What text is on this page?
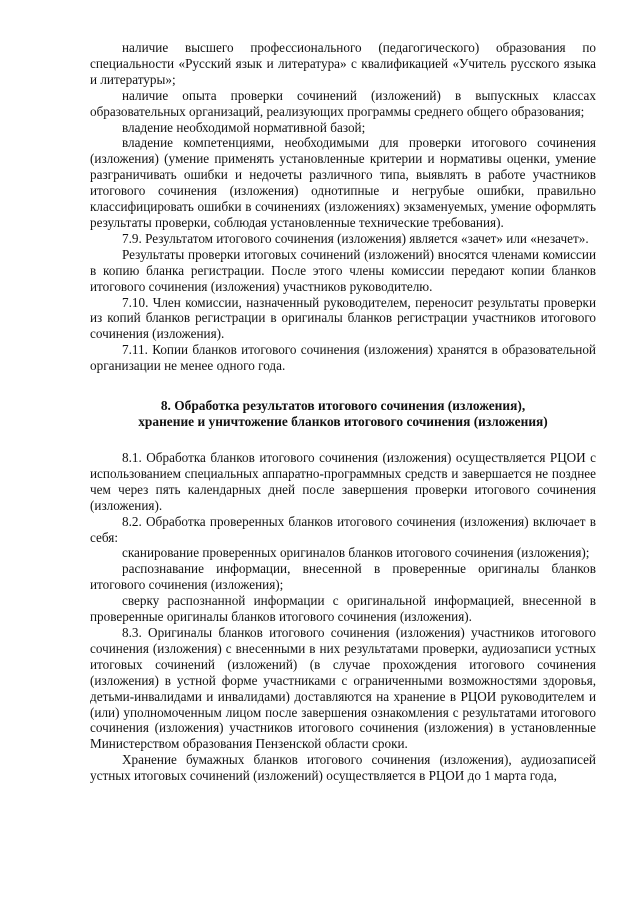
наличие высшего профессионального (педагогического) образования по специальности «Русский язык и литература» с квалификацией «Учитель русского языка и литературы»;

наличие опыта проверки сочинений (изложений) в выпускных классах образовательных организаций, реализующих программы среднего общего образования;

владение необходимой нормативной базой;

владение компетенциями, необходимыми для проверки итогового сочинения (изложения) (умение применять установленные критерии и нормативы оценки, умение разграничивать ошибки и недочеты различного типа, выявлять в работе участников итогового сочинения (изложения) однотипные и негрубые ошибки, правильно классифицировать ошибки в сочинениях (изложениях) экзаменуемых, умение оформлять результаты проверки, соблюдая установленные технические требования).

7.9. Результатом итогового сочинения (изложения) является «зачет» или «незачет».

Результаты проверки итоговых сочинений (изложений) вносятся членами комиссии в копию бланка регистрации. После этого члены комиссии передают копии бланков итогового сочинения (изложения) участников руководителю.

7.10. Член комиссии, назначенный руководителем, переносит результаты проверки из копий бланков регистрации в оригиналы бланков регистрации участников итогового сочинения (изложения).

7.11. Копии бланков итогового сочинения (изложения) хранятся в образовательной организации не менее одного года.

8. Обработка результатов итогового сочинения (изложения),
хранение и уничтожение бланков итогового сочинения (изложения)

8.1. Обработка бланков итогового сочинения (изложения) осуществляется РЦОИ с использованием специальных аппаратно-программных средств и завершается не позднее чем через пять календарных дней после завершения проверки итогового сочинения (изложения).

8.2. Обработка проверенных бланков итогового сочинения (изложения) включает в себя:

сканирование проверенных оригиналов бланков итогового сочинения (изложения);

распознавание информации, внесенной в проверенные оригиналы бланков итогового сочинения (изложения);

сверку распознанной информации с оригинальной информацией, внесенной в проверенные оригиналы бланков итогового сочинения (изложения).

8.3. Оригиналы бланков итогового сочинения (изложения) участников итогового сочинения (изложения) с внесенными в них результатами проверки, аудиозаписи устных итоговых сочинений (изложений) (в случае прохождения итогового сочинения (изложения) в устной форме участниками с ограниченными возможностями здоровья, детьми-инвалидами и инвалидами) доставляются на хранение в РЦОИ руководителем и (или) уполномоченным лицом после завершения ознакомления с результатами итогового сочинения (изложения) участников итогового сочинения (изложения) в установленные Министерством образования Пензенской области сроки.

Хранение бумажных бланков итогового сочинения (изложения), аудиозаписей устных итоговых сочинений (изложений) осуществляется в РЦОИ до 1 марта года,
